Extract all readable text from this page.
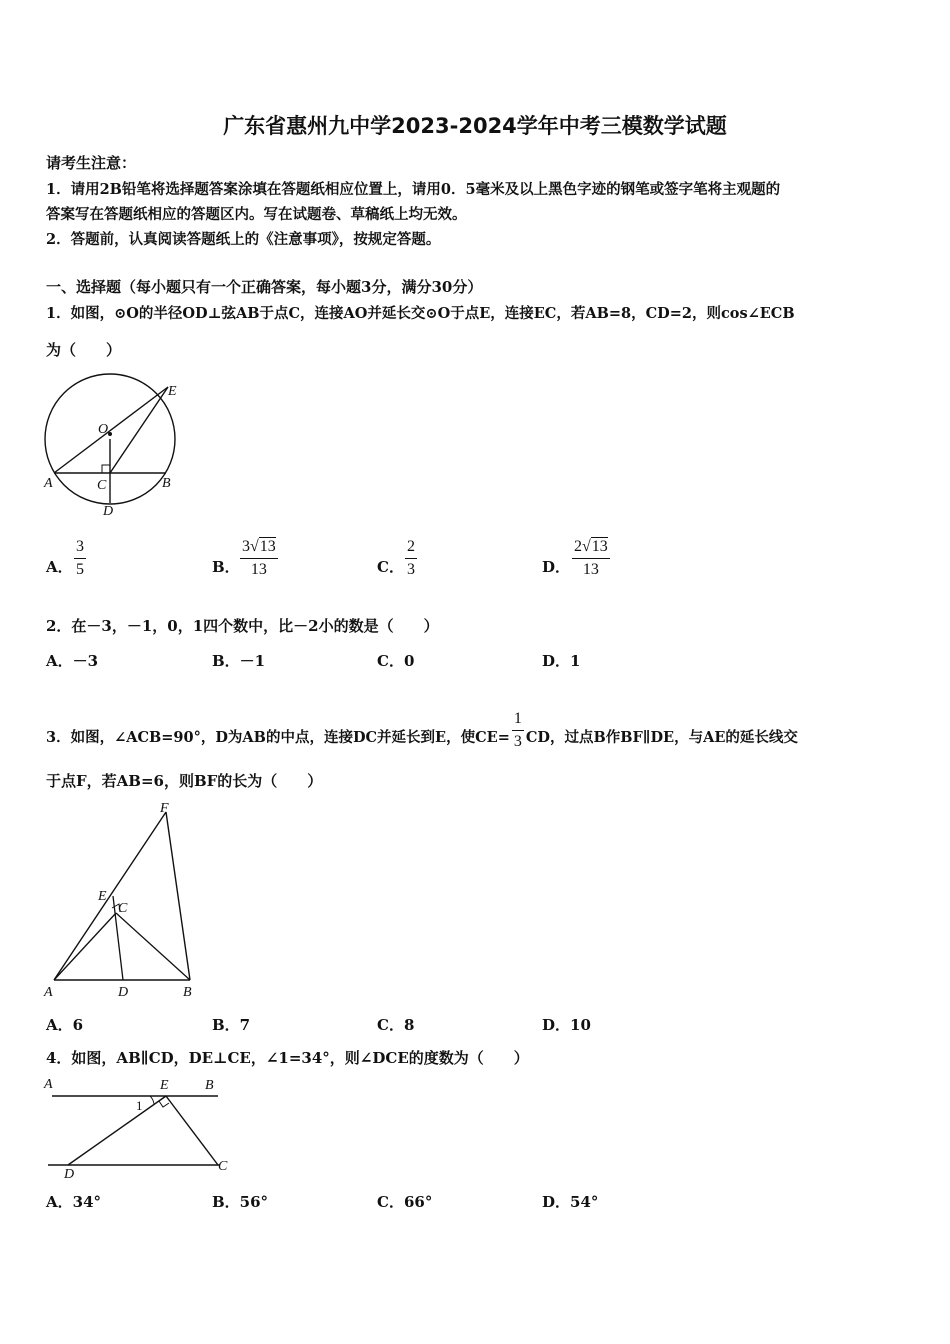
广东省惠州九中学2023-2024学年中考三模数学试题
请考生注意：
1．请用2B铅笔将选择题答案涂填在答题纸相应位置上，请用0．5毫米及以上黑色字迹的钢笔或签字笔将主观题的
答案写在答题纸相应的答题区内。写在试题卷、草稿纸上均无效。
2．答题前，认真阅读答题纸上的《注意事项》，按规定答题。
一、选择题（每小题只有一个正确答案，每小题3分，满分30分）
1．如图，⊙O的半径OD⊥弦AB于点C，连接AO并延长交⊙O于点E，连接EC，若AB=8，CD=2，则cos∠ECB
为（　　）
E
O
A	C	B
D
A． $\frac{3}{5}$	B． $\frac{3√13}{13}$	C． $\frac{2}{3}$	D． $\frac{2√13}{13}$
2．在－3，－1，0，1四个数中，比－2小的数是（　　）
A．－3	B．－1	C．0	D．1
3．如图，∠ACB=90°，D为AB的中点，连接DC并延长到E，使$CE= \frac{1}{3}$ CD，过点B作BF∥DE，与AE的延长线交
于点F，若AB=6，则BF的长为（　　）
F
E
C
A	D	B
A．6	B．7	C．8	D．10
4．如图，AB∥CD，DE⊥CE，∠1=34°，则∠DCE的度数为（　　）
A	E	B
1
D
C
A．34°	B．56°	C．66°	D．54°
